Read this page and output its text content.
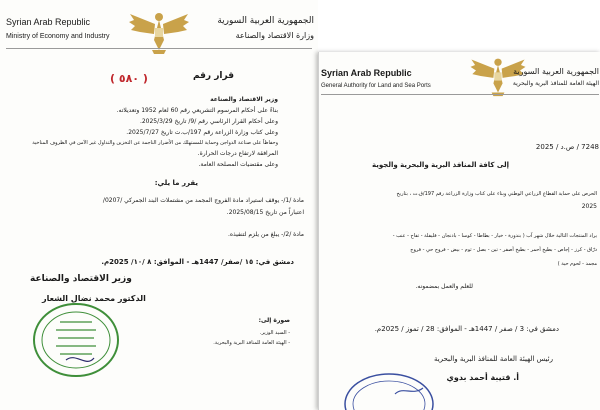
Syrian Arab Republic
Ministry of Economy and Industry
الجمهورية العربية السورية
وزارة الاقتصاد والصناعة
( ٥٨٠ )	قرار رقم
وزير الاقتصاد والصناعة
بناءً على أحكام المرسوم التشريعي رقم 60 لعام 1952 وتعديلاته.
وعلى أحكام القرار الرئاسي رقم /9/ تاريخ 2025/3/29.
وعلى كتاب وزارة الزراعة رقم 197/ب.ت تاريخ 2025/7/27.
وحفاظاً على صناعة الدواجن وحماية للمستهلك من الأضرار الناجمة عن التخزين والتداول غير الآمن في الظروف المناخية
المرافقة لارتفاع درجات الحرارة.
وعلى مقتضيات المصلحة العامة.
يقرر ما يلي:
مادة /1/- يوقف استيراد مادة الفروج المجمد من مشتملات البند الجمركي /0207/
اعتباراً من تاريخ 2025/08/15.
مادة /2/- يبلغ من يلزم لتنفيذه.
دمشق في: ١٥ /صفر/ 1447هـ - الموافق: ٨ /١٠/ 2025م.
وزير الاقتصاد والصناعة
الدكتور محمد نضال الشعار
صورة إلى:
- السيد الوزير.
- الهيئة العامة للمنافذ البرية والبحرية.
Syrian Arab Republic
General Authority for Land and Sea Ports
الجمهورية العربية السورية
الهيئة العامة للمنافذ البرية والبحرية
7248 / ص.د / 2025
إلى كافة المنافذ البرية والبحرية والجوية
الحرص على حماية القطاع الزراعي الوطني وبناء على كتاب وزارة الزراعة رقم 197/ق.ت ، بتاريخ
2025
يراد المنتجات التالية خلال شهر آب ( بندورة - خيار - بطاطا - كوسا - باذنجان - فليفلة - تفاح - عنب -
درّاق - كرز - إجاص - بطيخ أحمر - بطيخ أصفر - تين - بصل - ثوم - بيض - فروج حي - فروج
مجمد - لحوم حية )
للعلم والعمل بمضمونه.
دمشق في: 3 / صفر / 1447هـ - الموافق: 28 / تموز / 2025م.
رئيس الهيئة العامة للمنافذ البرية والبحرية
أ. قتيبة أحمد بدوي
